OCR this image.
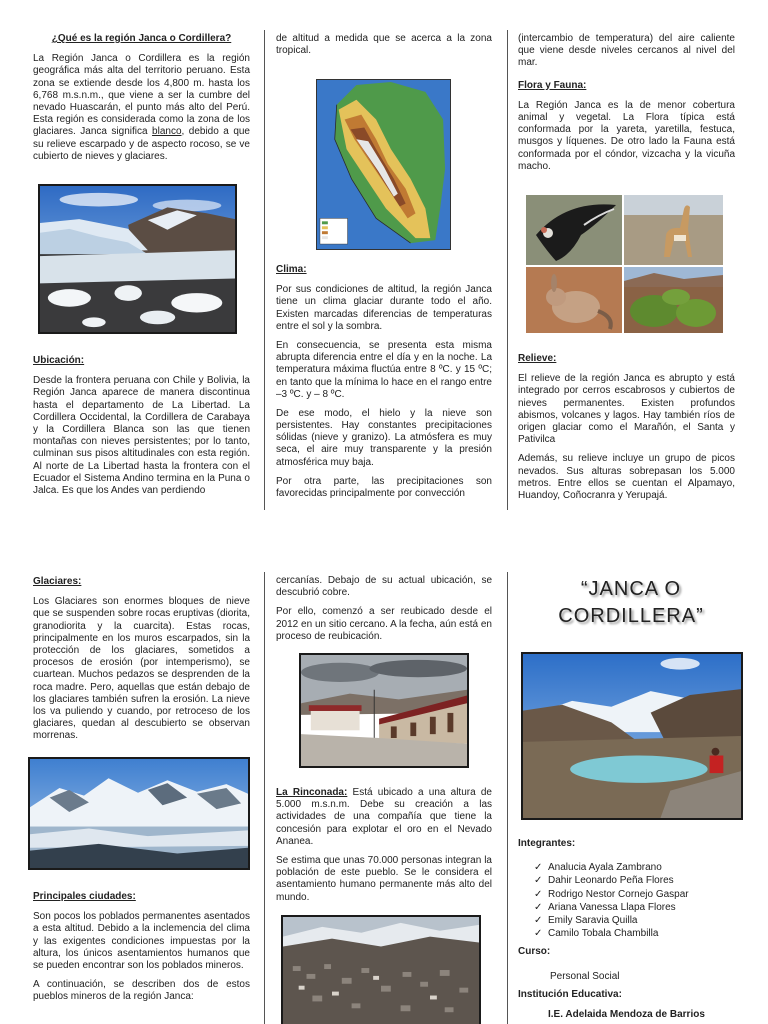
¿Qué es la región Janca o Cordillera?

La Región Janca o Cordillera es la región geográfica más alta del territorio peruano. Esta zona se extiende desde los 4,800 m. hasta los 6,768 m.s.n.m., que viene a ser la cumbre del nevado Huascarán, el punto más alto del Perú. Esta región es considerada como la zona de los glaciares. Janca significa blanco, debido a que su relieve escarpado y de aspecto rocoso, se ve cubierto de nieves y glaciares.

Ubicación:

Desde la frontera peruana con Chile y Bolivia, la Región Janca aparece de manera discontinua hasta el departamento de La Libertad. La Cordillera Occidental, la Cordillera de Carabaya y la Cordillera Blanca son las que tienen montañas con nieves persistentes; por lo tanto, culminan sus pisos altitudinales con esta región. Al norte de La Libertad hasta la frontera con el Ecuador el Sistema Andino termina en la Puna o Jalca. Es que los Andes van perdiendo

de altitud a medida que se acerca a la zona tropical.

Clima:

Por sus condiciones de altitud, la región Janca tiene un clima glaciar durante todo el año. Existen marcadas diferencias de temperaturas entre el sol y la sombra.

En consecuencia, se presenta esta misma abrupta diferencia entre el día y en la noche. La temperatura máxima fluctúa entre 8 ºC. y 15 ºC; en tanto que la mínima lo hace en el rango entre –3 ºC. y – 8 ºC.

De ese modo, el hielo y la nieve son persistentes. Hay constantes precipitaciones sólidas (nieve y granizo). La atmósfera es muy seca, el aire muy transparente y la presión atmosférica muy baja.

Por otra parte, las precipitaciones son favorecidas principalmente por convección

(intercambio de temperatura) del aire caliente que viene desde niveles cercanos al nivel del mar.

Flora y Fauna:

La Región Janca es la de menor cobertura animal y vegetal. La Flora típica está conformada por la yareta, yaretilla, festuca, musgos y líquenes. De otro lado la Fauna está conformada por el cóndor, vizcacha y la vicuña macho.

Relieve:

El relieve de la región Janca es abrupto y está integrado por cerros escabrosos y cubiertos de nieves permanentes. Existen profundos abismos, volcanes y lagos. Hay también ríos de origen glaciar como el Marañón, el Santa y Pativilca

Además, su relieve incluye un grupo de picos nevados. Sus alturas sobrepasan los 5.000 metros. Entre ellos se cuentan el Alpamayo, Huandoy, Coñocranra y Yerupajá.

Glaciares:

Los Glaciares son enormes bloques de nieve que se suspenden sobre rocas eruptivas (diorita, granodiorita y la cuarcita). Estas rocas, principalmente en los muros escarpados, sin la protección de los glaciares, sometidos a procesos de erosión (por intemperismo), se cuartean. Muchos pedazos se desprenden de la roca madre. Pero, aquellas que están debajo de los glaciares también sufren la erosión. La nieve los va puliendo y cuando, por retroceso de los glaciares, quedan al descubierto se observan morrenas.

Principales ciudades:

Son pocos los poblados permanentes asentados a esta altitud. Debido a la inclemencia del clima y las exigentes condiciones impuestas por la altura, los únicos asentamientos humanos que se pueden encontrar son los poblados mineros.

A continuación, se describen dos de estos pueblos mineros de la región Janca:

cercanías. Debajo de su actual ubicación, se descubrió cobre.

Por ello, comenzó a ser reubicado desde el 2012 en un sitio cercano. A la fecha, aún está en proceso de reubicación.

La Rinconada: Está ubicado a una altura de 5.000 m.s.n.m. Debe su creación a las actividades de una compañía que tiene la concesión para explotar el oro en el Nevado Ananea.

Se estima que unas 70.000 personas integran la población de este pueblo. Se le considera el asentamiento humano permanente más alto del mundo.

“JANCA O
CORDILLERA”
Integrantes:
✓ Analucia Ayala Zambrano
✓ Dahir Leonardo Peña Flores
✓ Rodrigo Nestor Cornejo Gaspar
✓ Ariana Vanessa Llapa Flores
✓ Emily Saravia Quilla
✓ Camilo Tobala Chambilla
Curso:
Personal Social
Institución Educativa:
I.E. Adelaida Mendoza de Barrios
